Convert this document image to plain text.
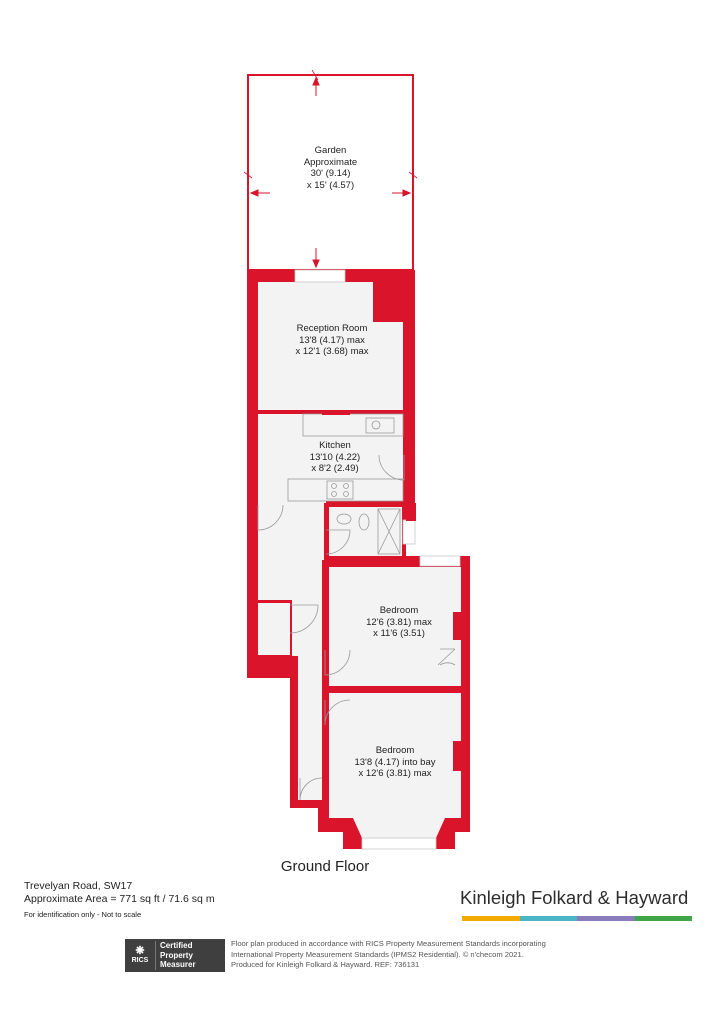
Garden
Approximate
30' (9.14)
x 15' (4.57)
Reception Room
13'8 (4.17) max
x 12'1 (3.68) max
Kitchen
13'10 (4.22)
x 8'2 (2.49)
Bedroom
12'6 (3.81) max
x 11'6 (3.51)
Bedroom
13'8 (4.17) into bay
x 12'6 (3.81) max
Ground Floor
Trevelyan Road, SW17
Approximate Area = 771 sq ft / 71.6 sq m
For identification only - Not to scale
Kinleigh Folkard & Hayward
❋
RICS
Certified
Property
Measurer
Floor plan produced in accordance with RICS Property Measurement Standards incorporating
International Property Measurement Standards (IPMS2 Residential). © n'checom 2021.
Produced for Kinleigh Folkard & Hayward. REF: 736131
